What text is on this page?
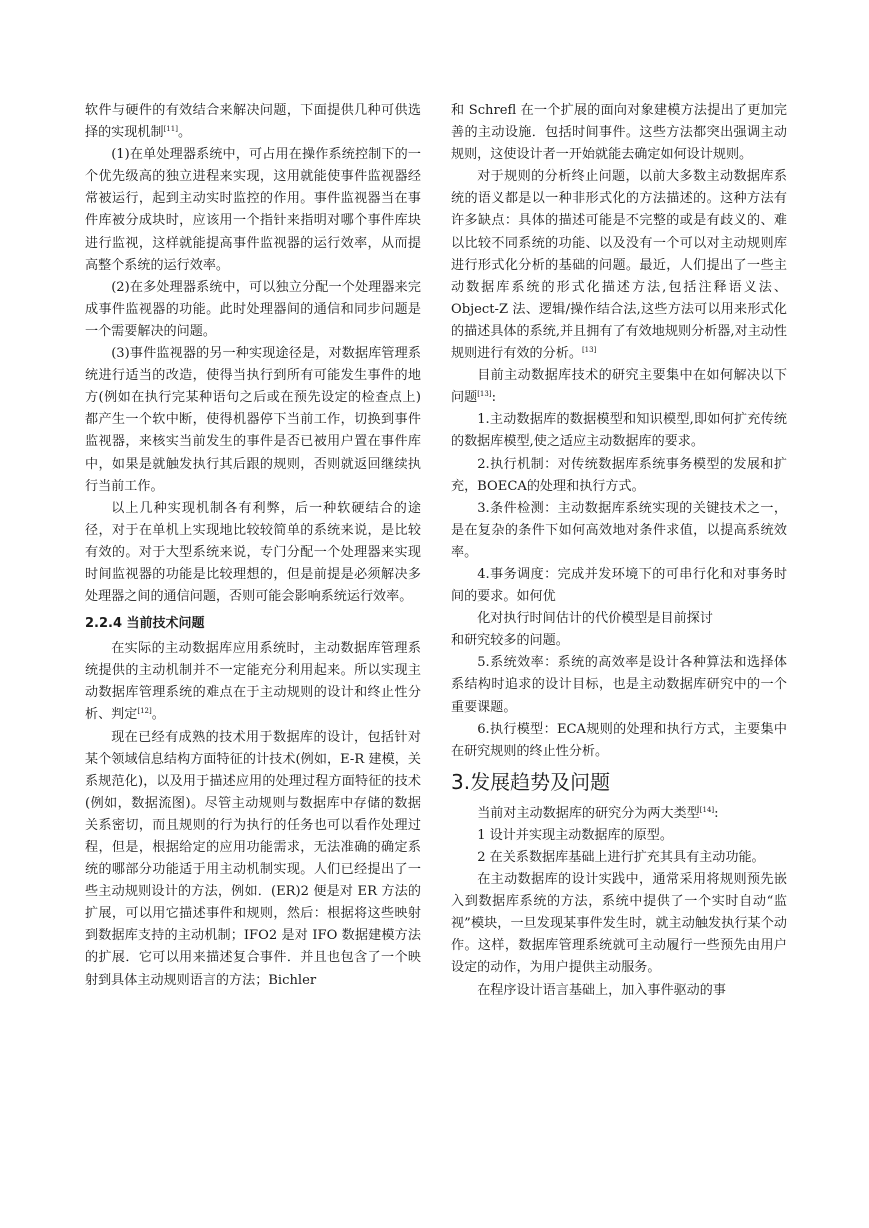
软件与硬件的有效结合来解决问题，下面提供几种可供选择的实现机制[11]。

(1)在单处理器系统中，可占用在操作系统控制下的一个优先级高的独立进程来实现，这用就能使事件监视器经常被运行，起到主动实时监控的作用。事件监视器当在事件库被分成块时，应该用一个指针来指明对哪个事件库块进行监视，这样就能提高事件监视器的运行效率，从而提高整个系统的运行效率。

(2)在多处理器系统中，可以独立分配一个处理器来完成事件监视器的功能。此时处理器间的通信和同步问题是一个需要解决的问题。

(3)事件监视器的另一种实现途径是，对数据库管理系统进行适当的改造，使得当执行到所有可能发生事件的地方(例如在执行完某种语句之后或在预先设定的检查点上)都产生一个软中断，使得机器停下当前工作，切换到事件监视器，来核实当前发生的事件是否已被用户置在事件库中，如果是就触发执行其后跟的规则，否则就返回继续执行当前工作。

以上几种实现机制各有利弊，后一种软硬结合的途径，对于在单机上实现地比较较简单的系统来说，是比较有效的。对于大型系统来说，专门分配一个处理器来实现时间监视器的功能是比较理想的，但是前提是必须解决多处理器之间的通信问题，否则可能会影响系统运行效率。

2.2.4 当前技术问题

在实际的主动数据库应用系统时，主动数据库管理系统提供的主动机制并不一定能充分利用起来。所以实现主动数据库管理系统的难点在于主动规则的设计和终止性分析、判定[12]。

现在已经有成熟的技术用于数据库的设计，包括针对某个领域信息结构方面特征的计技术(例如，E-R 建模，关系规范化)，以及用于描述应用的处理过程方面特征的技术(例如，数据流图)。尽管主动规则与数据库中存储的数据关系密切，而且规则的行为执行的任务也可以看作处理过程，但是，根据给定的应用功能需求，无法准确的确定系统的哪部分功能适于用主动机制实现。人们已经提出了一些主动规则设计的方法，例如．(ER)2 便是对 ER 方法的扩展，可以用它描述事件和规则，然后：根据将这些映射到数据库支持的主动机制；IFO2 是对 IFO 数据建模方法的扩展．它可以用来描述复合事件．并且也包含了一个映射到具体主动规则语言的方法；Bichler

和 Schrefl 在一个扩展的面向对象建模方法提出了更加完善的主动设施．包括时间事件。这些方法都突出强调主动规则，这使设计者一开始就能去确定如何设计规则。

对于规则的分析终止问题，以前大多数主动数据库系统的语义都是以一种非形式化的方法描述的。这种方法有许多缺点：具体的描述可能是不完整的或是有歧义的、难以比较不同系统的功能、以及没有一个可以对主动规则库进行形式化分析的基础的问题。最近，人们提出了一些主动数据库系统的形式化描述方法,包括注释语义法、Object-Z 法、逻辑/操作结合法,这些方法可以用来形式化的描述具体的系统,并且拥有了有效地规则分析器,对主动性规则进行有效的分析。[13]

目前主动数据库技术的研究主要集中在如何解决以下问题[13]:

1.主动数据库的数据模型和知识模型,即如何扩充传统的数据库模型,使之适应主动数据库的要求。

2.执行机制：对传统数据库系统事务模型的发展和扩充，BOECA的处理和执行方式。

3.条件检测：主动数据库系统实现的关键技术之一，是在复杂的条件下如何高效地对条件求值，以提高系统效率。

4.事务调度：完成并发环境下的可串行化和对事务时间的要求。如何优

化对执行时间估计的代价模型是目前探讨

和研究较多的问题。

5.系统效率：系统的高效率是设计各种算法和选择体系结构时追求的设计目标，也是主动数据库研究中的一个重要课题。

6.执行模型：ECA规则的处理和执行方式，主要集中在研究规则的终止性分析。

3.发展趋势及问题

当前对主动数据库的研究分为两大类型[14]:

1 设计并实现主动数据库的原型。

2 在关系数据库基础上进行扩充其具有主动功能。

在主动数据库的设计实践中，通常采用将规则预先嵌入到数据库系统的方法，系统中提供了一个实时自动“监视”模块，一旦发现某事件发生时，就主动触发执行某个动作。这样，数据库管理系统就可主动履行一些预先由用户设定的动作，为用户提供主动服务。

在程序设计语言基础上，加入事件驱动的事
